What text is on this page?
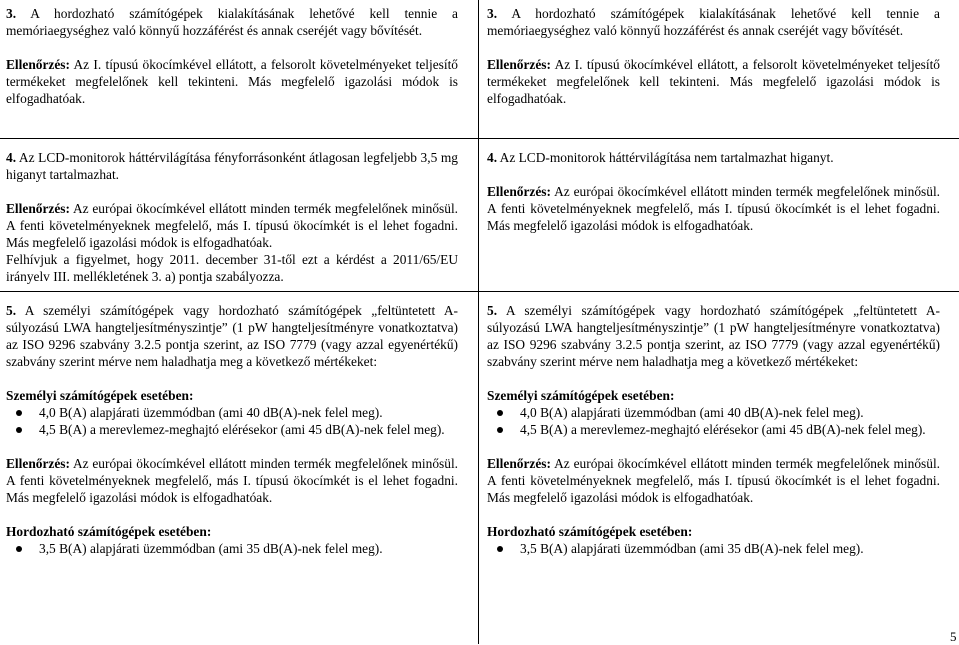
3. A hordozható számítógépek kialakításának lehetővé kell tennie a memóriaegységhez való könnyű hozzáférést és annak cseréjét vagy bővítését.

Ellenőrzés: Az I. típusú ökocímkével ellátott, a felsorolt követelményeket teljesítő termékeket megfelelőnek kell tekinteni. Más megfelelő igazolási módok is elfogadhatóak.

4. Az LCD-monitorok háttérvilágítása fényforrásonként átlagosan legfeljebb 3,5 mg higanyt tartalmazhat.

Ellenőrzés: Az európai ökocímkével ellátott minden termék megfelelőnek minősül. A fenti követelményeknek megfelelő, más I. típusú ökocímkét is el lehet fogadni. Más megfelelő igazolási módok is elfogadhatóak.

Felhívjuk a figyelmet, hogy 2011. december 31-től ezt a kérdést a 2011/65/EU irányelv III. mellékletének 3. a) pontja szabályozza.

5. A személyi számítógépek vagy hordozható számítógépek „feltüntetett A-súlyozású LWA hangteljesítményszintje” (1 pW hangteljesítményre vonatkoztatva) az ISO 9296 szabvány 3.2.5 pontja szerint, az ISO 7779 (vagy azzal egyenértékű) szabvány szerint mérve nem haladhatja meg a következő mértékeket:

Személyi számítógépek esetében:

4,0 B(A) alapjárati üzemmódban (ami 40 dB(A)-nek felel meg).
4,5 B(A) a merevlemez-meghajtó elérésekor (ami 45 dB(A)-nek felel meg).

Ellenőrzés: Az európai ökocímkével ellátott minden termék megfelelőnek minősül. A fenti követelményeknek megfelelő, más I. típusú ökocímkét is el lehet fogadni. Más megfelelő igazolási módok is elfogadhatóak.

Hordozható számítógépek esetében:

3,5 B(A) alapjárati üzemmódban (ami 35 dB(A)-nek felel meg).

3. A hordozható számítógépek kialakításának lehetővé kell tennie a memóriaegységhez való könnyű hozzáférést és annak cseréjét vagy bővítését.

Ellenőrzés: Az I. típusú ökocímkével ellátott, a felsorolt követelményeket teljesítő termékeket megfelelőnek kell tekinteni. Más megfelelő igazolási módok is elfogadhatóak.

4. Az LCD-monitorok háttérvilágítása nem tartalmazhat higanyt.

Ellenőrzés: Az európai ökocímkével ellátott minden termék megfelelőnek minősül. A fenti követelményeknek megfelelő, más I. típusú ökocímkét is el lehet fogadni. Más megfelelő igazolási módok is elfogadhatóak.

5. A személyi számítógépek vagy hordozható számítógépek „feltüntetett A-súlyozású LWA hangteljesítményszintje” (1 pW hangteljesítményre vonatkoztatva) az ISO 9296 szabvány 3.2.5 pontja szerint, az ISO 7779 (vagy azzal egyenértékű) szabvány szerint mérve nem haladhatja meg a következő mértékeket:

Személyi számítógépek esetében:

4,0 B(A) alapjárati üzemmódban (ami 40 dB(A)-nek felel meg).
4,5 B(A) a merevlemez-meghajtó elérésekor (ami 45 dB(A)-nek felel meg).

Ellenőrzés: Az európai ökocímkével ellátott minden termék megfelelőnek minősül. A fenti követelményeknek megfelelő, más I. típusú ökocímkét is el lehet fogadni. Más megfelelő igazolási módok is elfogadhatóak.

Hordozható számítógépek esetében:

3,5 B(A) alapjárati üzemmódban (ami 35 dB(A)-nek felel meg).
5
